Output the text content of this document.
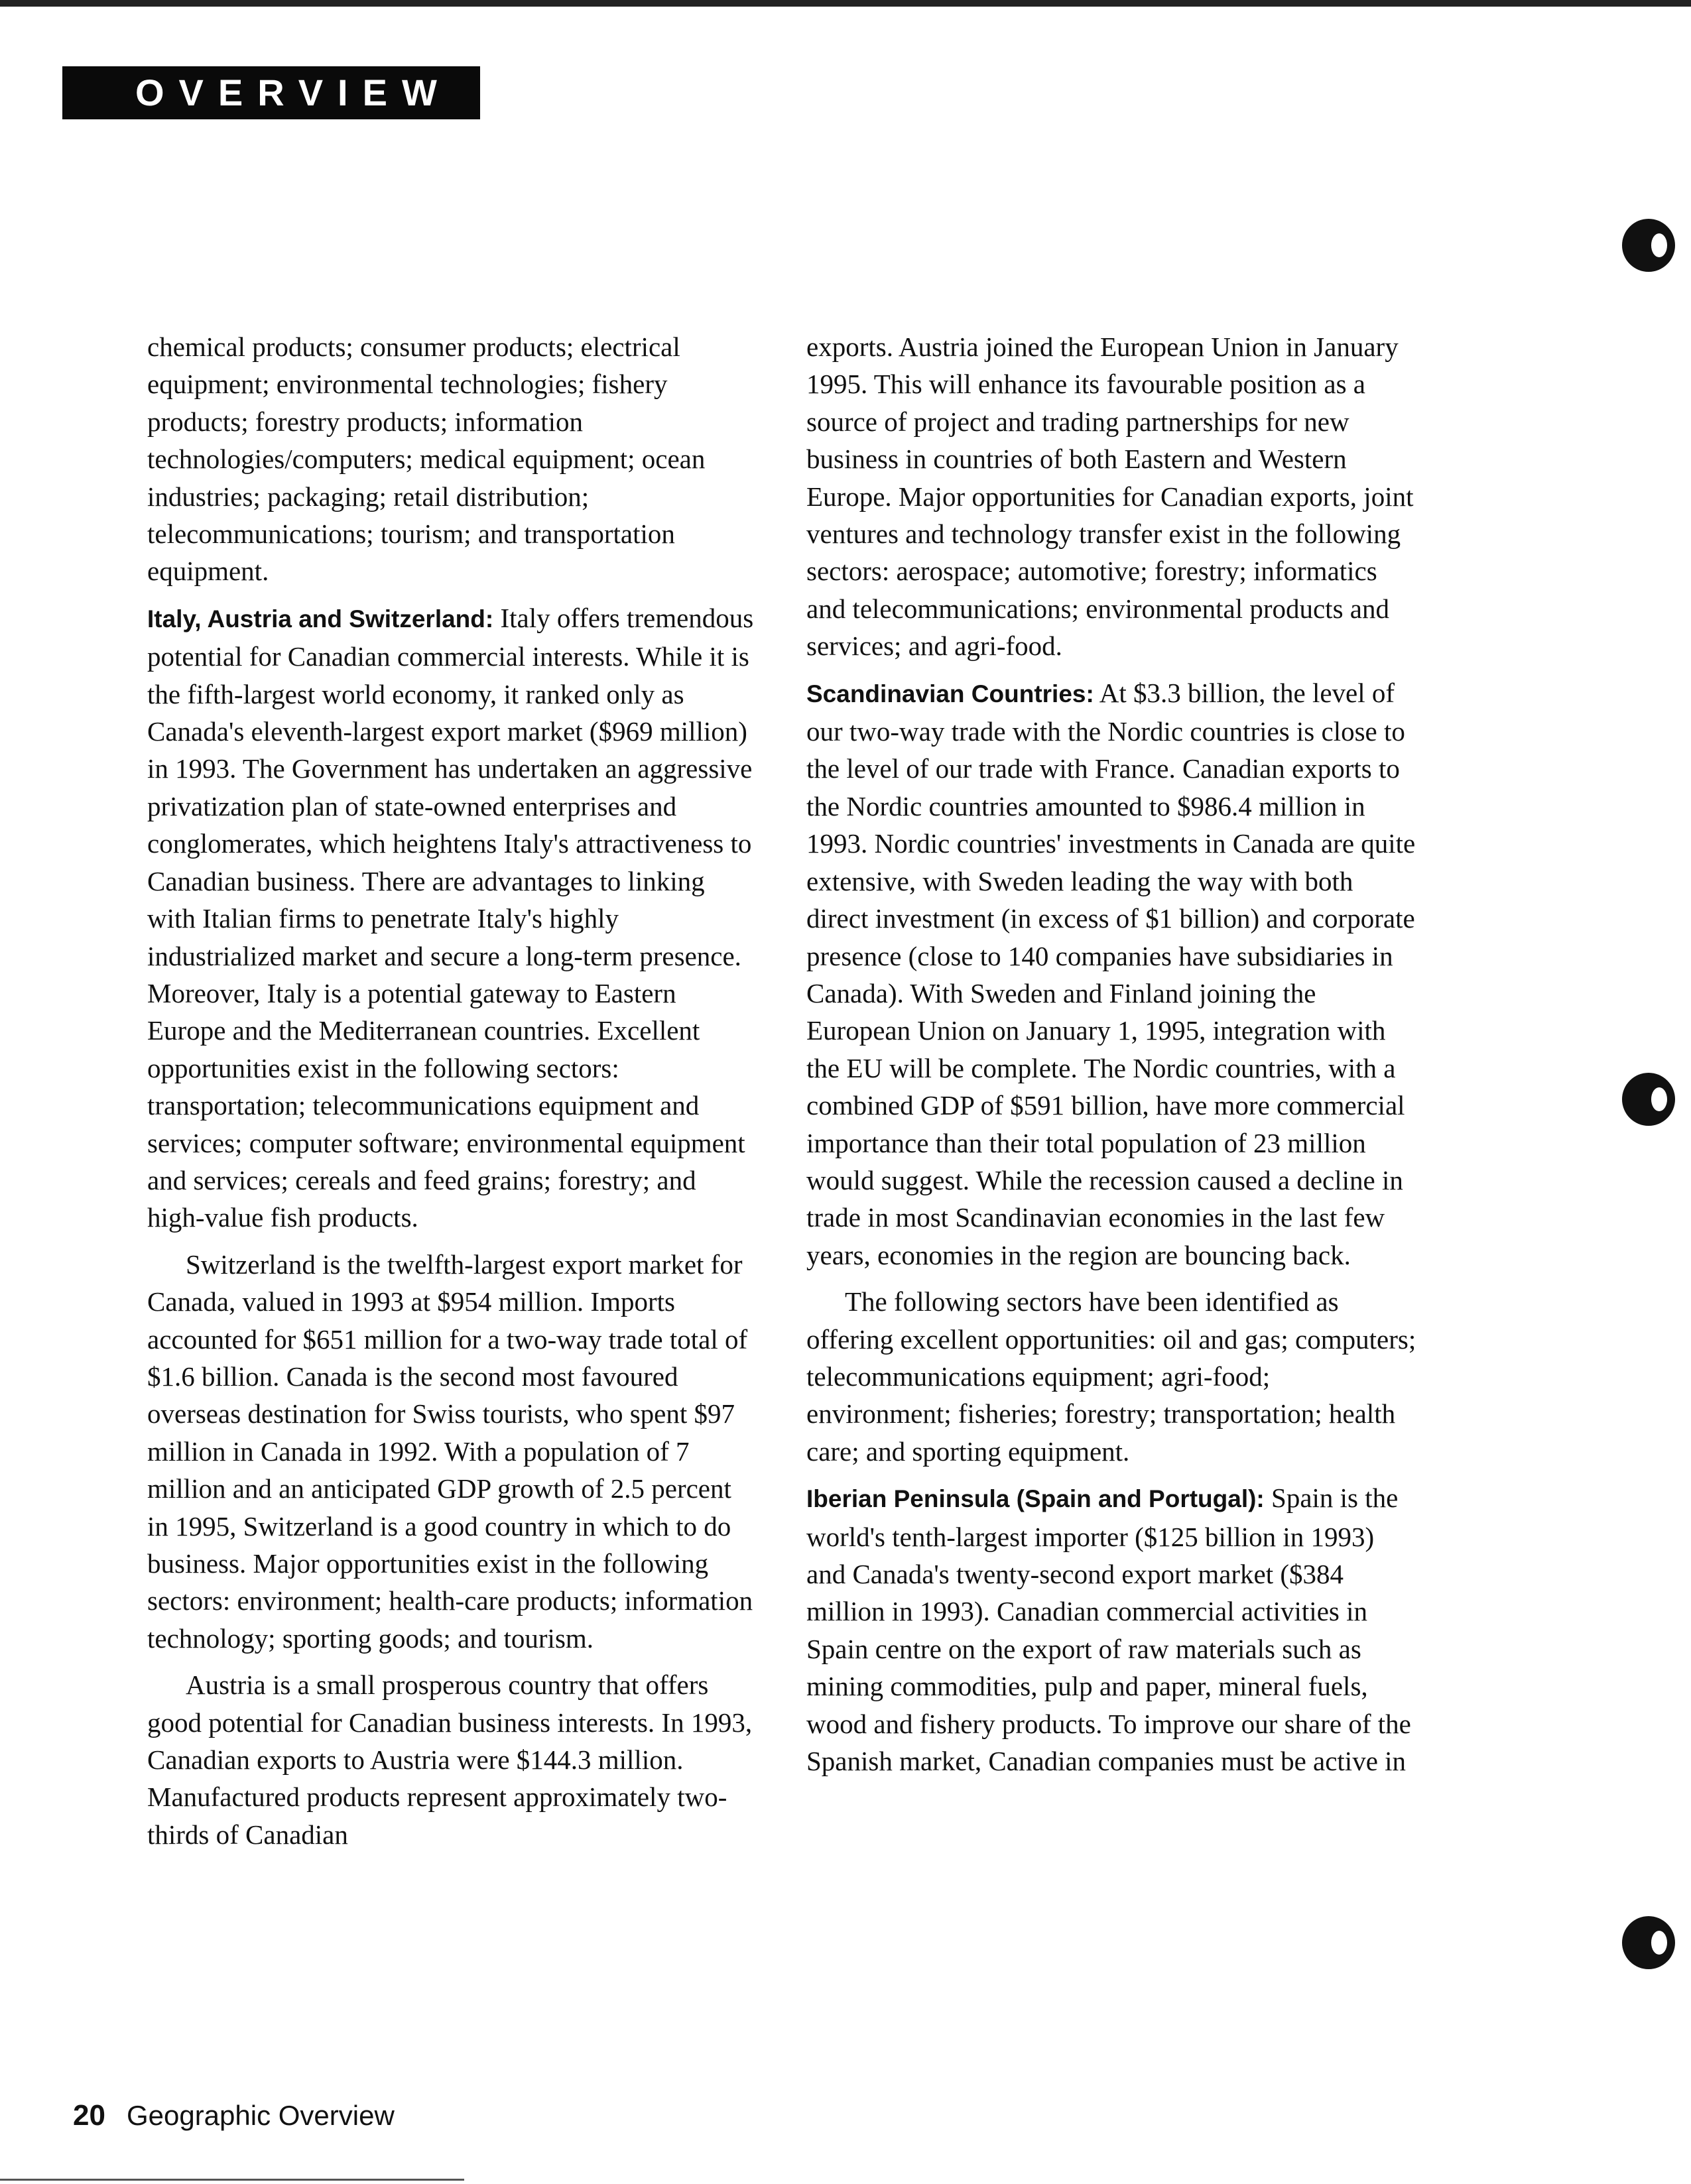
OVERVIEW

chemical products; consumer products; electrical equipment; environmental technologies; fishery products; forestry products; information technologies/computers; medical equipment; ocean industries; packaging; retail distribution; telecommunications; tourism; and transportation equipment.

Italy, Austria and Switzerland: Italy offers tremendous potential for Canadian commercial interests. While it is the fifth-largest world economy, it ranked only as Canada's eleventh-largest export market ($969 million) in 1993. The Government has undertaken an aggressive privatization plan of state-owned enterprises and conglomerates, which heightens Italy's attractiveness to Canadian business. There are advantages to linking with Italian firms to penetrate Italy's highly industrialized market and secure a long-term presence. Moreover, Italy is a potential gateway to Eastern Europe and the Mediterranean countries. Excellent opportunities exist in the following sectors: transportation; telecommunications equipment and services; computer software; environmental equipment and services; cereals and feed grains; forestry; and high-value fish products.

Switzerland is the twelfth-largest export market for Canada, valued in 1993 at $954 million. Imports accounted for $651 million for a two-way trade total of $1.6 billion. Canada is the second most favoured overseas destination for Swiss tourists, who spent $97 million in Canada in 1992. With a population of 7 million and an anticipated GDP growth of 2.5 percent in 1995, Switzerland is a good country in which to do business. Major opportunities exist in the following sectors: environment; health-care products; information technology; sporting goods; and tourism.

Austria is a small prosperous country that offers good potential for Canadian business interests. In 1993, Canadian exports to Austria were $144.3 million. Manufactured products represent approximately two-thirds of Canadian

exports. Austria joined the European Union in January 1995. This will enhance its favourable position as a source of project and trading partnerships for new business in countries of both Eastern and Western Europe. Major opportunities for Canadian exports, joint ventures and technology transfer exist in the following sectors: aerospace; automotive; forestry; informatics and telecommunications; environmental products and services; and agri-food.

Scandinavian Countries: At $3.3 billion, the level of our two-way trade with the Nordic countries is close to the level of our trade with France. Canadian exports to the Nordic countries amounted to $986.4 million in 1993. Nordic countries' investments in Canada are quite extensive, with Sweden leading the way with both direct investment (in excess of $1 billion) and corporate presence (close to 140 companies have subsidiaries in Canada). With Sweden and Finland joining the European Union on January 1, 1995, integration with the EU will be complete. The Nordic countries, with a combined GDP of $591 billion, have more commercial importance than their total population of 23 million would suggest. While the recession caused a decline in trade in most Scandinavian economies in the last few years, economies in the region are bouncing back.

The following sectors have been identified as offering excellent opportunities: oil and gas; computers; telecommunications equipment; agri-food; environment; fisheries; forestry; transportation; health care; and sporting equipment.

Iberian Peninsula (Spain and Portugal): Spain is the world's tenth-largest importer ($125 billion in 1993) and Canada's twenty-second export market ($384 million in 1993). Canadian commercial activities in Spain centre on the export of raw materials such as mining commodities, pulp and paper, mineral fuels, wood and fishery products. To improve our share of the Spanish market, Canadian companies must be active in

20 Geographic Overview
